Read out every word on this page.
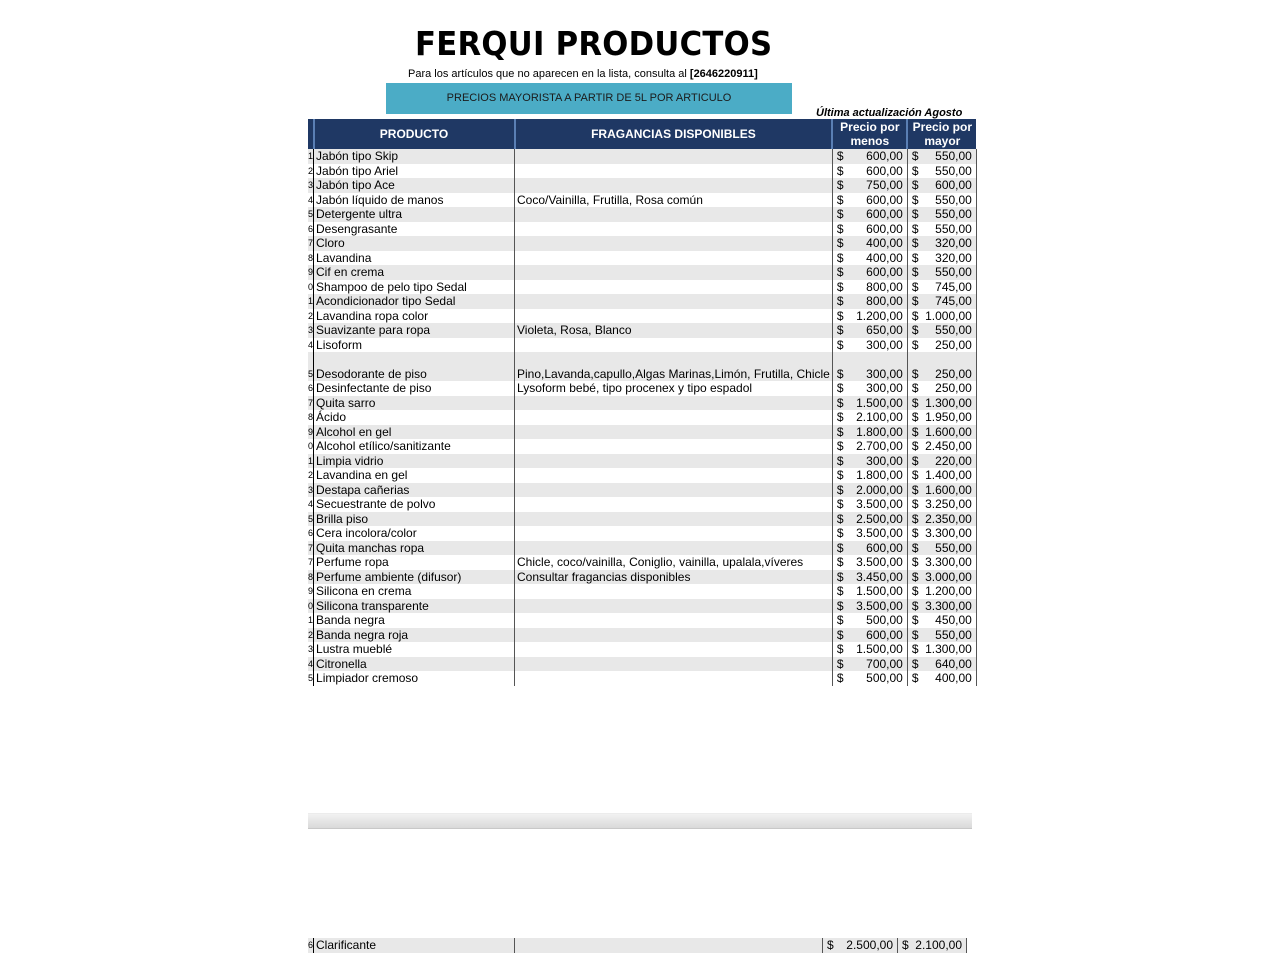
FERQUI PRODUCTOS
Para los artículos que no aparecen en la lista, consulta al [2646220911]
PRECIOS MAYORISTA A PARTIR DE 5L POR ARTICULO
Última actualización Agosto
	PRODUCTO	FRAGANCIAS DISPONIBLES	Precio por menos	Precio por mayor
1	Jabón tipo Skip		$ 600,00	$ 550,00

2	Jabón tipo Ariel		$ 600,00	$ 550,00

3	Jabón tipo Ace		$ 750,00	$ 600,00

4	Jabón líquido de manos	Coco/Vainilla, Frutilla, Rosa común	$ 600,00	$ 550,00

5	Detergente ultra		$ 600,00	$ 550,00

6	Desengrasante		$ 600,00	$ 550,00

7	Cloro		$ 400,00	$ 320,00

8	Lavandina		$ 400,00	$ 320,00

9	Cif en crema		$ 600,00	$ 550,00

0	Shampoo de pelo tipo Sedal		$ 800,00	$ 745,00

1	Acondicionador tipo Sedal		$ 800,00	$ 745,00

2	Lavandina ropa color		$ 1.200,00	$ 1.000,00

3	Suavizante para ropa	Violeta, Rosa, Blanco	$ 650,00	$ 550,00

4	Lisoform		$ 300,00	$ 250,00

5	Desodorante de piso	Pino,Lavanda,capullo,Algas Marinas,Limón, Frutilla, Chicle	$ 300,00	$ 250,00

6	Desinfectante de piso	Lysoform bebé, tipo procenex y tipo espadol	$ 300,00	$ 250,00

7	Quita sarro		$ 1.500,00	$ 1.300,00

8	Ácido		$ 2.100,00	$ 1.950,00

9	Alcohol en gel		$ 1.800,00	$ 1.600,00

0	Alcohol etílico/sanitizante		$ 2.700,00	$ 2.450,00

1	Limpia vidrio		$ 300,00	$ 220,00

2	Lavandina en gel		$ 1.800,00	$ 1.400,00

3	Destapa cañerias		$ 2.000,00	$ 1.600,00

4	Secuestrante de polvo		$ 3.500,00	$ 3.250,00

5	Brilla piso		$ 2.500,00	$ 2.350,00

6	Cera incolora/color		$ 3.500,00	$ 3.300,00

7	Quita manchas ropa		$ 600,00	$ 550,00

7	Perfume ropa	Chicle, coco/vainilla, Coniglio, vainilla, upalala,víveres	$ 3.500,00	$ 3.300,00

8	Perfume ambiente (difusor)	Consultar fragancias disponibles	$ 3.450,00	$ 3.000,00

9	Silicona en crema		$ 1.500,00	$ 1.200,00

0	Silicona transparente		$ 3.500,00	$ 3.300,00

1	Banda negra		$ 500,00	$ 450,00

2	Banda negra roja		$ 600,00	$ 550,00

3	Lustra mueblé		$ 1.500,00	$ 1.300,00

4	Citronella		$ 700,00	$ 640,00

5	Limpiador cremoso		$ 500,00	$ 400,00
6	Clarificante		$ 2.500,00	$ 2.100,00
